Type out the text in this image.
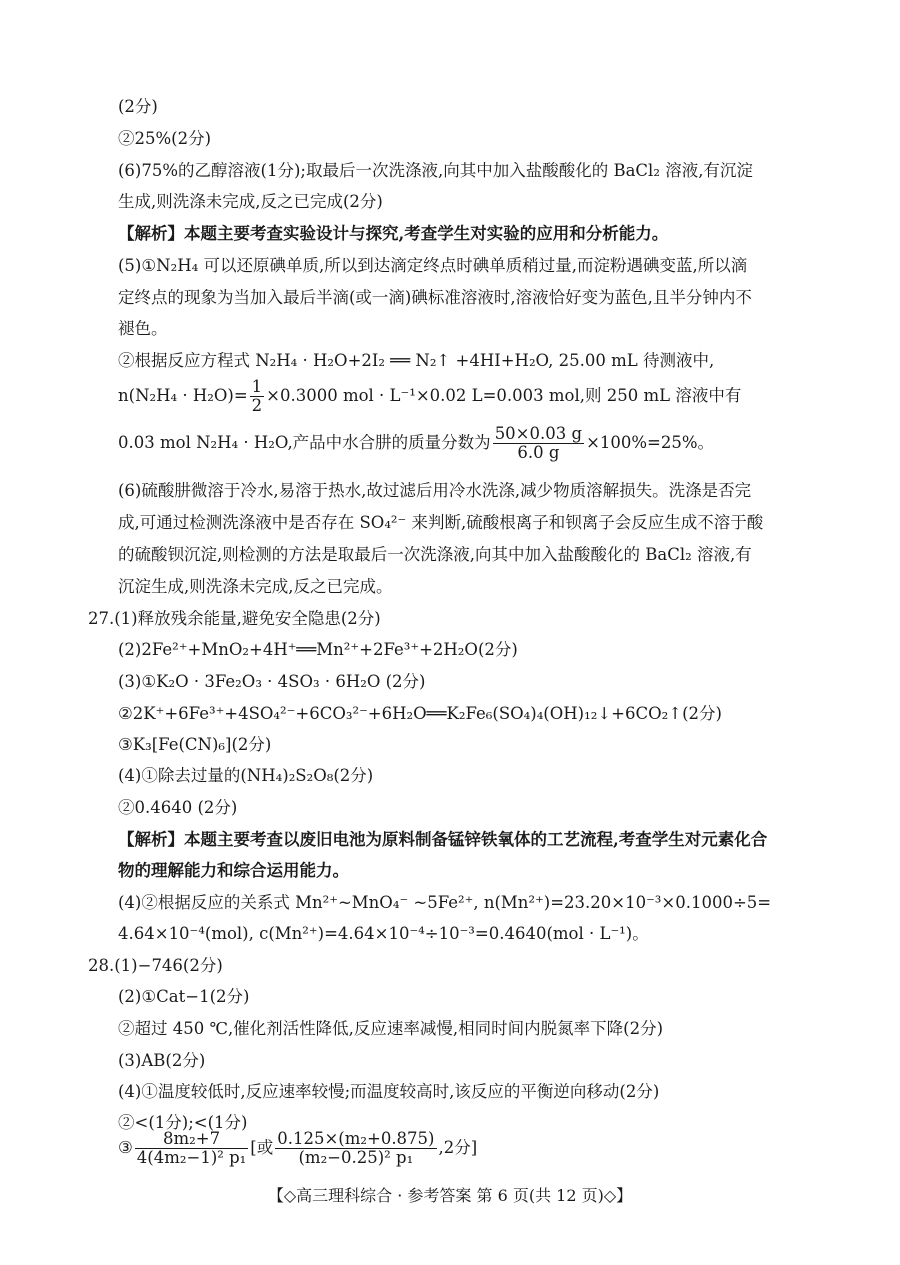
(2分)
②25%(2分)
(6)75%的乙醇溶液(1分);取最后一次洗涤液,向其中加入盐酸酸化的 BaCl₂ 溶液,有沉淀
生成,则洗涤未完成,反之已完成(2分)
【解析】本题主要考查实验设计与探究,考查学生对实验的应用和分析能力。
(5)①N₂H₄ 可以还原碘单质,所以到达滴定终点时碘单质稍过量,而淀粉遇碘变蓝,所以滴
定终点的现象为当加入最后半滴(或一滴)碘标准溶液时,溶液恰好变为蓝色,且半分钟内不
褪色。
②根据反应方程式 N₂H₄ · H₂O+2I₂ ══ N₂↑ +4HI+H₂O, 25.00 mL 待测液中,
$n(N_2H_4 \cdot H_2O)= \frac{1}{2} \times 0.3000$ mol · L⁻¹×0.02 L=0.003 mol,则 250 mL 溶液中有
0.03 mol N₂H₄ · H₂O,产品中水合肼的质量分数为 $\frac{50\times 0.03 g}{6.0 g} \times 100\%=25\%$。
(6)硫酸肼微溶于冷水,易溶于热水,故过滤后用冷水洗涤,减少物质溶解损失。洗涤是否完
成,可通过检测洗涤液中是否存在 SO₄²⁻ 来判断,硫酸根离子和钡离子会反应生成不溶于酸
的硫酸钡沉淀,则检测的方法是取最后一次洗涤液,向其中加入盐酸酸化的 BaCl₂ 溶液,有
沉淀生成,则洗涤未完成,反之已完成。
27.(1)释放残余能量,避免安全隐患(2分)
(2)2Fe²⁺+MnO₂+4H⁺══Mn²⁺+2Fe³⁺+2H₂O(2分)
(3)①K₂O · 3Fe₂O₃ · 4SO₃ · 6H₂O (2分)
②2K⁺+6Fe³⁺+4SO₄²⁻+6CO₃²⁻+6H₂O══K₂Fe₆(SO₄)₄(OH)₁₂↓+6CO₂↑(2分)
③K₃[Fe(CN)₆](2分)
(4)①除去过量的(NH₄)₂S₂O₈(2分)
②0.4640 (2分)
【解析】本题主要考查以废旧电池为原料制备锰锌铁氧体的工艺流程,考查学生对元素化合
物的理解能力和综合运用能力。
(4)②根据反应的关系式 Mn²⁺~MnO₄⁻ ~5Fe²⁺, n(Mn²⁺)=23.20×10⁻³×0.1000÷5=
4.64×10⁻⁴(mol), c(Mn²⁺)=4.64×10⁻⁴÷10⁻³=0.4640(mol · L⁻¹)。
28.(1)−746(2分)
(2)①Cat−1(2分)
②超过 450 ℃,催化剂活性降低,反应速率减慢,相同时间内脱氮率下降(2分)
(3)AB(2分)
(4)①温度较低时,反应速率较慢;而温度较高时,该反应的平衡逆向移动(2分)
②<(1分);<(1分)
③ $\frac{\text{8m₂+7}}{\text{4(4m₂−1)² p₁}}$ [或 $\frac{\text{0.125×(m₂+0.875)}}{\text{(m₂−0.25)² p₁}} ,2$分]
【◇高三理科综合 · 参考答案 第 6 页(共 12 页)◇】
